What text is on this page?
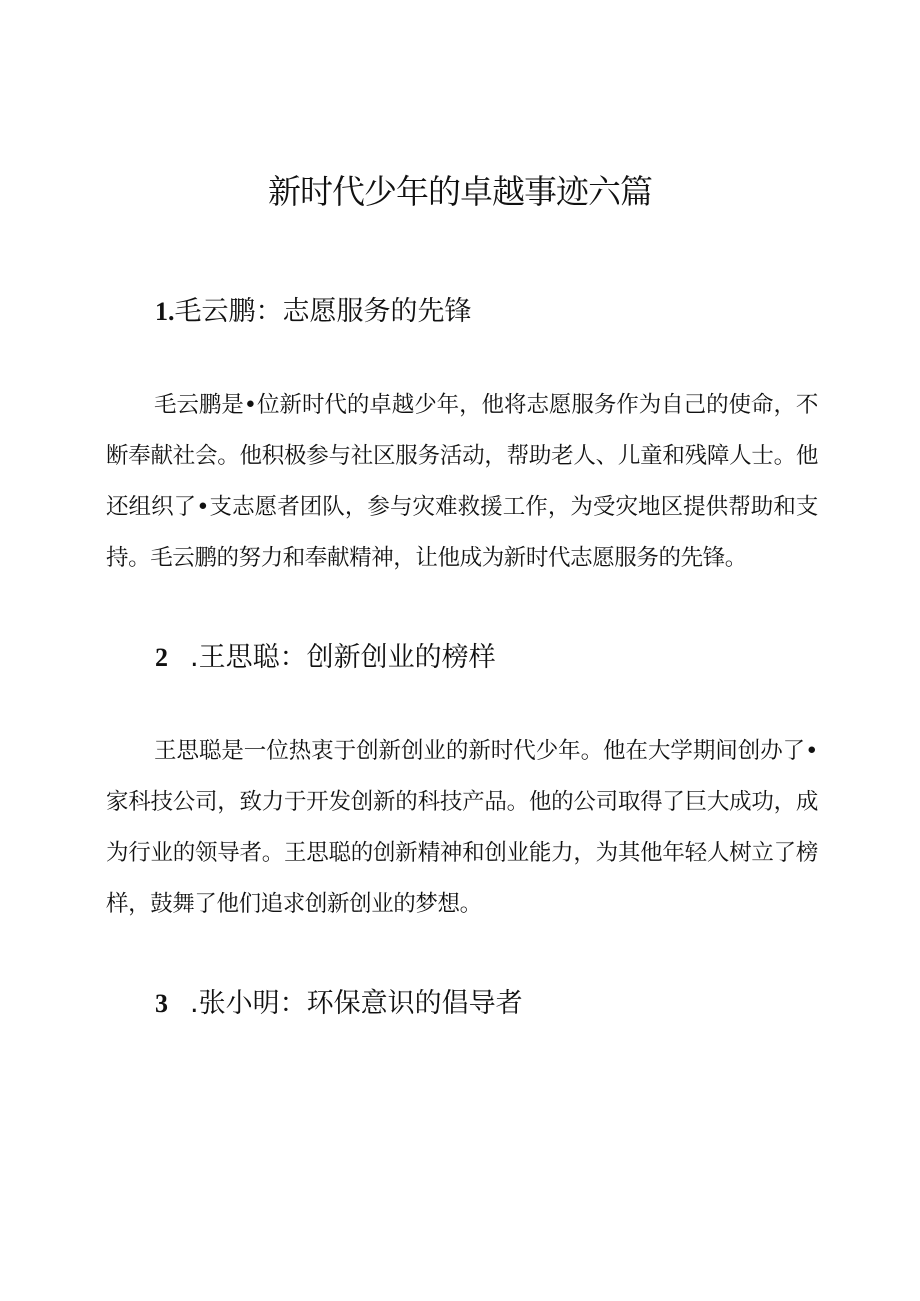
新时代少年的卓越事迹六篇
1.毛云鹏：志愿服务的先锋
毛云鹏是•位新时代的卓越少年，他将志愿服务作为自己的使命，不断奉献社会。他积极参与社区服务活动，帮助老人、儿童和残障人士。他还组织了•支志愿者团队，参与灾难救援工作，为受灾地区提供帮助和支持。毛云鹏的努力和奉献精神，让他成为新时代志愿服务的先锋。
2 .王思聪：创新创业的榜样
王思聪是一位热衷于创新创业的新时代少年。他在大学期间创办了•家科技公司，致力于开发创新的科技产品。他的公司取得了巨大成功，成为行业的领导者。王思聪的创新精神和创业能力，为其他年轻人树立了榜样，鼓舞了他们追求创新创业的梦想。
3 .张小明：环保意识的倡导者
